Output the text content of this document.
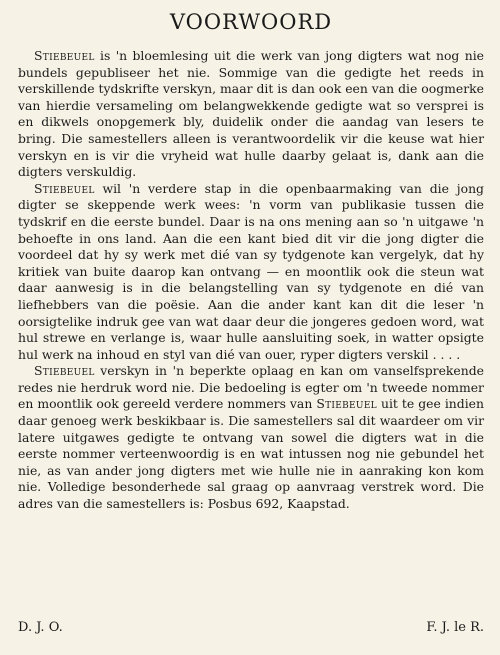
VOORWOORD

Stiebeuel is 'n bloemlesing uit die werk van jong digters wat nog nie bundels gepubliseer het nie. Sommige van die gedigte het reeds in verskillende tydskrifte verskyn, maar dit is dan ook een van die oogmerke van hierdie versameling om belangwekkende gedigte wat so versprei is en dikwels onopgemerk bly, duidelik onder die aandag van lesers te bring. Die samestellers alleen is verantwoordelik vir die keuse wat hier verskyn en is vir die vryheid wat hulle daarby gelaat is, dank aan die digters verskuldig.

Stiebeuel wil 'n verdere stap in die openbaarmaking van die jong digter se skeppende werk wees: 'n vorm van publikasie tussen die tydskrif en die eerste bundel. Daar is na ons mening aan so 'n uitgawe 'n behoefte in ons land. Aan die een kant bied dit vir die jong digter die voordeel dat hy sy werk met dié van sy tydgenote kan vergelyk, dat hy kritiek van buite daarop kan ontvang — en moontlik ook die steun wat daar aanwesig is in die belangstelling van sy tydgenote en dié van liefhebbers van die poësie. Aan die ander kant kan dit die leser 'n oorsigtelike indruk gee van wat daar deur die jongeres gedoen word, wat hul strewe en verlange is, waar hulle aansluiting soek, in watter opsigte hul werk na inhoud en styl van dié van ouer, ryper digters verskil . . . .

Stiebeuel verskyn in 'n beperkte oplaag en kan om vanselfsprekende redes nie herdruk word nie. Die bedoeling is egter om 'n tweede nommer en moontlik ook gereeld verdere nommers van Stiebeuel uit te gee indien daar genoeg werk beskikbaar is. Die samestellers sal dit waardeer om vir latere uitgawes gedigte te ontvang van sowel die digters wat in die eerste nommer verteenwoordig is en wat intussen nog nie gebundel het nie, as van ander jong digters met wie hulle nie in aanraking kon kom nie. Volledige besonderhede sal graag op aanvraag verstrek word. Die adres van die samestellers is: Posbus 692, Kaapstad.

D. J. O.	F. J. le R.
